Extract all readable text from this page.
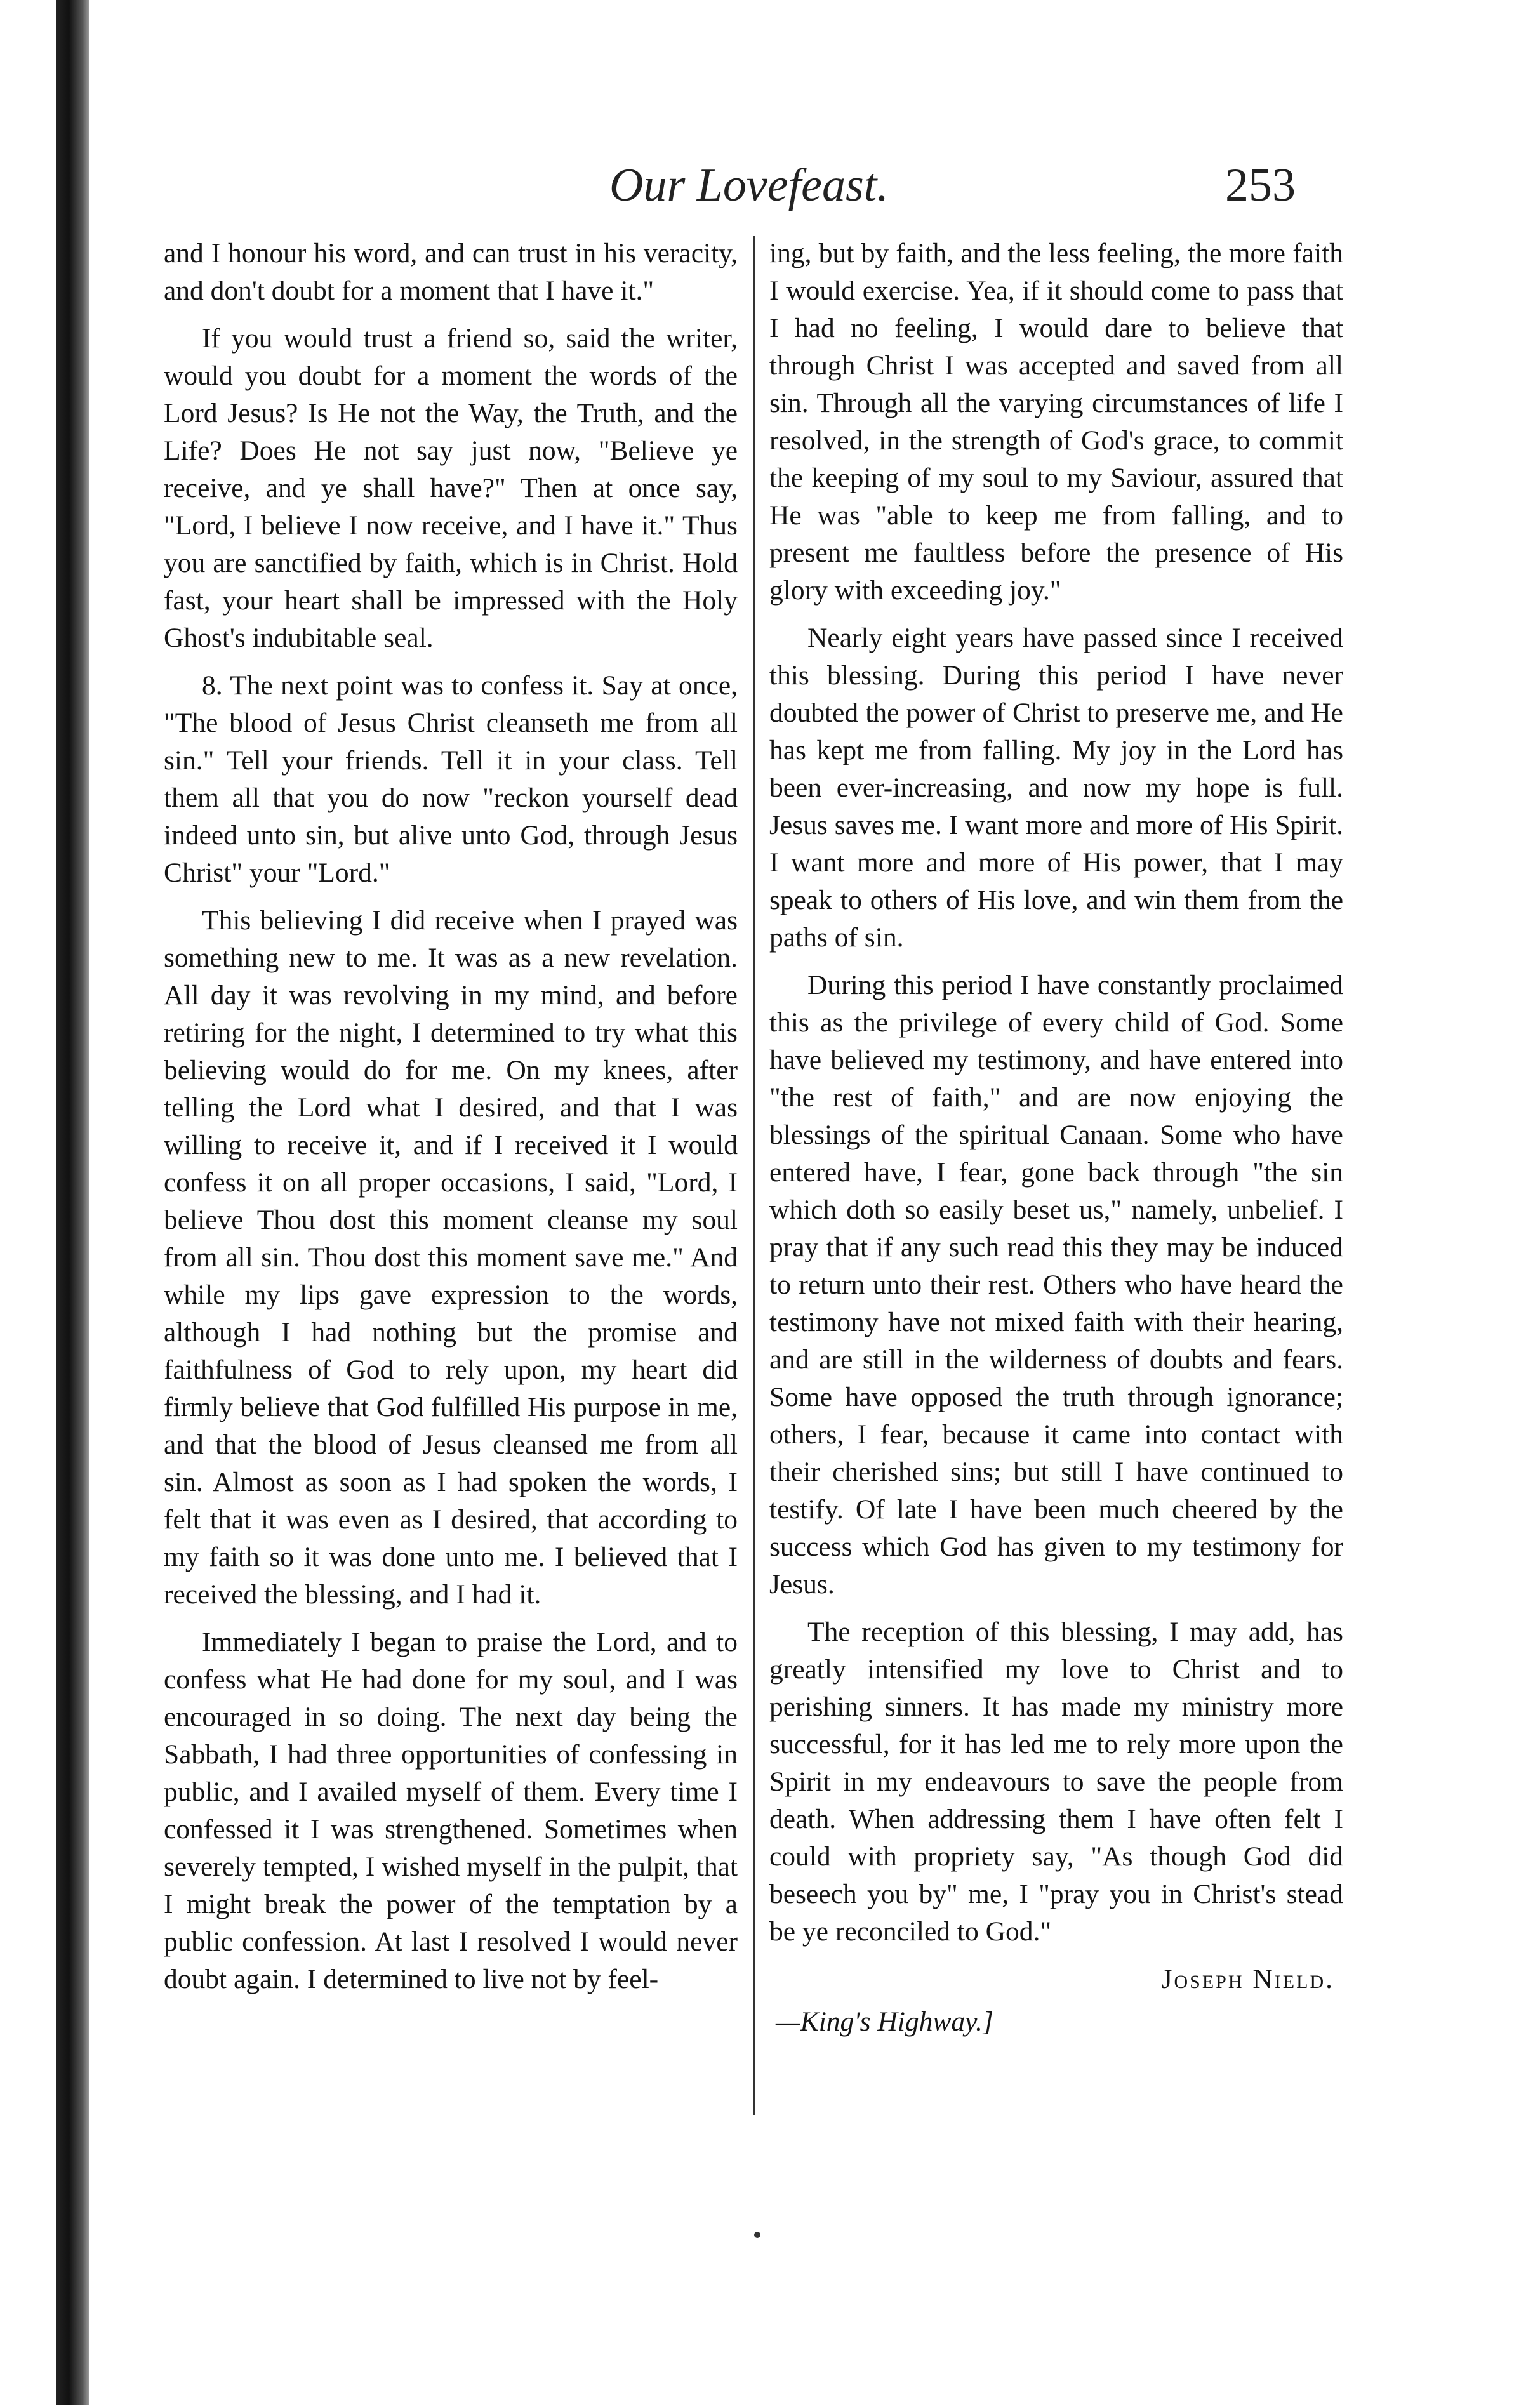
Our Lovefeast.	253

and I honour his word, and can trust in his veracity, and don't doubt for a moment that I have it."

If you would trust a friend so, said the writer, would you doubt for a moment the words of the Lord Jesus? Is He not the Way, the Truth, and the Life? Does He not say just now, "Believe ye receive, and ye shall have?" Then at once say, "Lord, I believe I now receive, and I have it." Thus you are sanctified by faith, which is in Christ. Hold fast, your heart shall be impressed with the Holy Ghost's indubitable seal.

8. The next point was to confess it. Say at once, "The blood of Jesus Christ cleanseth me from all sin." Tell your friends. Tell it in your class. Tell them all that you do now "reckon yourself dead indeed unto sin, but alive unto God, through Jesus Christ" your "Lord."

This believing I did receive when I prayed was something new to me. It was as a new revelation. All day it was revolving in my mind, and before retiring for the night, I determined to try what this believing would do for me. On my knees, after telling the Lord what I desired, and that I was willing to receive it, and if I received it I would confess it on all proper occasions, I said, "Lord, I believe Thou dost this moment cleanse my soul from all sin. Thou dost this moment save me." And while my lips gave expression to the words, although I had nothing but the promise and faithfulness of God to rely upon, my heart did firmly believe that God fulfilled His purpose in me, and that the blood of Jesus cleansed me from all sin. Almost as soon as I had spoken the words, I felt that it was even as I desired, that according to my faith so it was done unto me. I believed that I received the blessing, and I had it.

Immediately I began to praise the Lord, and to confess what He had done for my soul, and I was encouraged in so doing. The next day being the Sabbath, I had three opportunities of confessing in public, and I availed myself of them. Every time I confessed it I was strengthened. Sometimes when severely tempted, I wished myself in the pulpit, that I might break the power of the temptation by a public confession. At last I resolved I would never doubt again. I determined to live not by feel-

ing, but by faith, and the less feeling, the more faith I would exercise. Yea, if it should come to pass that I had no feeling, I would dare to believe that through Christ I was accepted and saved from all sin. Through all the varying circumstances of life I resolved, in the strength of God's grace, to commit the keeping of my soul to my Saviour, assured that He was "able to keep me from falling, and to present me faultless before the presence of His glory with exceeding joy."

Nearly eight years have passed since I received this blessing. During this period I have never doubted the power of Christ to preserve me, and He has kept me from falling. My joy in the Lord has been ever-increasing, and now my hope is full. Jesus saves me. I want more and more of His Spirit. I want more and more of His power, that I may speak to others of His love, and win them from the paths of sin.

During this period I have constantly proclaimed this as the privilege of every child of God. Some have believed my testimony, and have entered into "the rest of faith," and are now enjoying the blessings of the spiritual Canaan. Some who have entered have, I fear, gone back through "the sin which doth so easily beset us," namely, unbelief. I pray that if any such read this they may be induced to return unto their rest. Others who have heard the testimony have not mixed faith with their hearing, and are still in the wilderness of doubts and fears. Some have opposed the truth through ignorance; others, I fear, because it came into contact with their cherished sins; but still I have continued to testify. Of late I have been much cheered by the success which God has given to my testimony for Jesus.

The reception of this blessing, I may add, has greatly intensified my love to Christ and to perishing sinners. It has made my ministry more successful, for it has led me to rely more upon the Spirit in my endeavours to save the people from death. When addressing them I have often felt I could with propriety say, "As though God did beseech you by" me, I "pray you in Christ's stead be ye reconciled to God."

Joseph Nield.
—King's Highway.]
